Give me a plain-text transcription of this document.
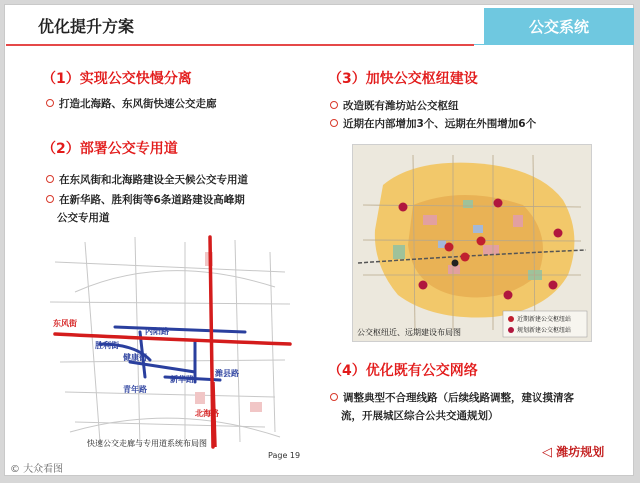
优化提升方案	公交系统
（1）实现公交快慢分离
打造北海路、东风街快速公交走廊
（2）部署公交专用道
在东风街和北海路建设全天候公交专用道
在新华路、胜利街等6条道路建设高峰期
公交专用道
（3）加快公交枢纽建设
改造既有潍坊站公交枢纽
近期在内部增加3个、远期在外围增加6个
（4）优化既有公交网络
调整典型不合理线路（后续线路调整，建议摸清客
流，开展城区综合公共交通规划）
东风街
内阳路
胜利街
健康街
青年路
新华路
潍县路
北海路
快速公交走廊与专用道系统布局图
近期新建公交枢纽站
规划新建公交枢纽站
公交枢纽近、远期建设布局图
Page 19	◁ 潍坊规划
© 大众看图
